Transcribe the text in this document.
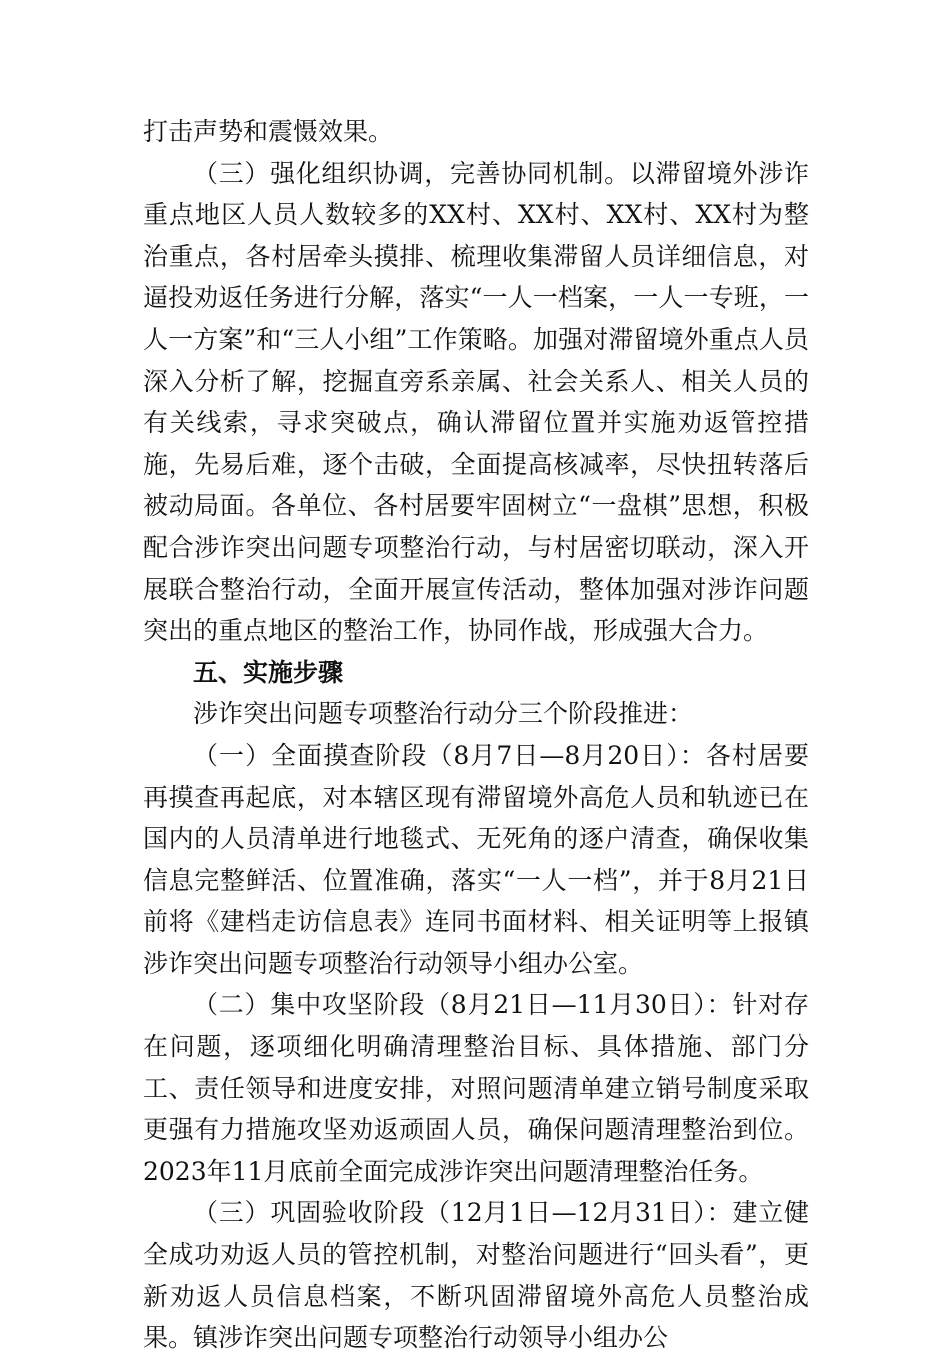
打击声势和震慑效果。

（三）强化组织协调，完善协同机制。以滞留境外涉诈重点地区人员人数较多的XX村、XX村、XX村、XX村为整治重点，各村居牵头摸排、梳理收集滞留人员详细信息，对逼投劝返任务进行分解，落实“一人一档案，一人一专班，一人一方案”和“三人小组”工作策略。加强对滞留境外重点人员深入分析了解，挖掘直旁系亲属、社会关系人、相关人员的有关线索，寻求突破点，确认滞留位置并实施劝返管控措施，先易后难，逐个击破，全面提高核减率，尽快扭转落后被动局面。各单位、各村居要牢固树立“一盘棋”思想，积极配合涉诈突出问题专项整治行动，与村居密切联动，深入开展联合整治行动，全面开展宣传活动，整体加强对涉诈问题突出的重点地区的整治工作，协同作战，形成强大合力。

五、实施步骤

涉诈突出问题专项整治行动分三个阶段推进：

（一）全面摸查阶段（8月7日—8月20日）：各村居要再摸查再起底，对本辖区现有滞留境外高危人员和轨迹已在国内的人员清单进行地毯式、无死角的逐户清查，确保收集信息完整鲜活、位置准确，落实“一人一档”，并于8月21日前将《建档走访信息表》连同书面材料、相关证明等上报镇涉诈突出问题专项整治行动领导小组办公室。

（二）集中攻坚阶段（8月21日—11月30日）：针对存在问题，逐项细化明确清理整治目标、具体措施、部门分工、责任领导和进度安排，对照问题清单建立销号制度采取更强有力措施攻坚劝返顽固人员，确保问题清理整治到位。2023年11月底前全面完成涉诈突出问题清理整治任务。

（三）巩固验收阶段（12月1日—12月31日）：建立健全成功劝返人员的管控机制，对整治问题进行“回头看”，更新劝返人员信息档案，不断巩固滞留境外高危人员整治成果。镇涉诈突出问题专项整治行动领导小组办公
